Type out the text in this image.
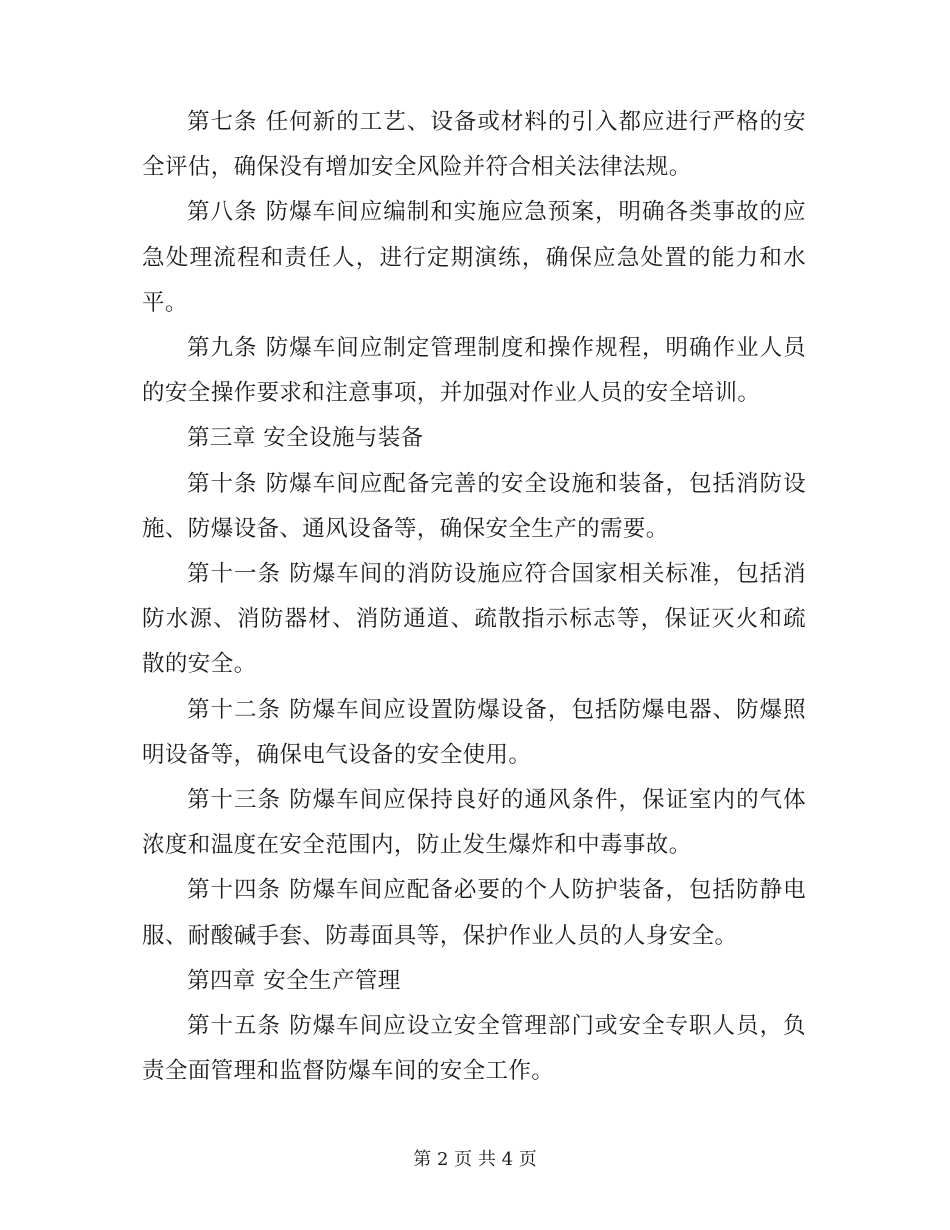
第七条 任何新的工艺、设备或材料的引入都应进行严格的安全评估，确保没有增加安全风险并符合相关法律法规。

第八条 防爆车间应编制和实施应急预案，明确各类事故的应急处理流程和责任人，进行定期演练，确保应急处置的能力和水平。

第九条 防爆车间应制定管理制度和操作规程，明确作业人员的安全操作要求和注意事项，并加强对作业人员的安全培训。

第三章 安全设施与装备

第十条 防爆车间应配备完善的安全设施和装备，包括消防设施、防爆设备、通风设备等，确保安全生产的需要。

第十一条 防爆车间的消防设施应符合国家相关标准，包括消防水源、消防器材、消防通道、疏散指示标志等，保证灭火和疏散的安全。

第十二条 防爆车间应设置防爆设备，包括防爆电器、防爆照明设备等，确保电气设备的安全使用。

第十三条 防爆车间应保持良好的通风条件，保证室内的气体浓度和温度在安全范围内，防止发生爆炸和中毒事故。

第十四条 防爆车间应配备必要的个人防护装备，包括防静电服、耐酸碱手套、防毒面具等，保护作业人员的人身安全。

第四章 安全生产管理

第十五条 防爆车间应设立安全管理部门或安全专职人员，负责全面管理和监督防爆车间的安全工作。

第 2 页 共 4 页
